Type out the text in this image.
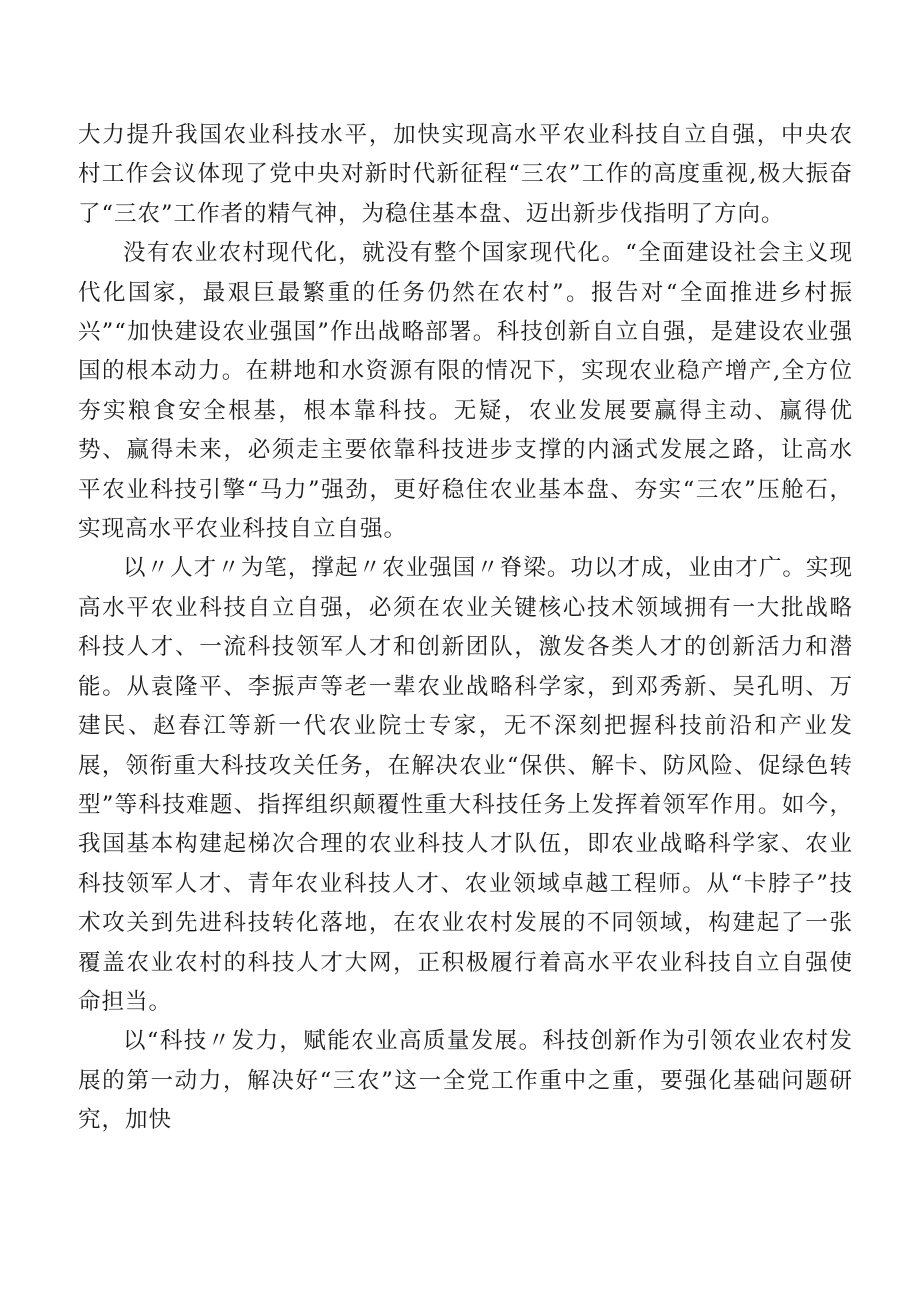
大力提升我国农业科技水平，加快实现高水平农业科技自立自强，中央农村工作会议体现了党中央对新时代新征程“三农”工作的高度重视,极大振奋了“三农”工作者的精气神，为稳住基本盘、迈出新步伐指明了方向。

没有农业农村现代化，就没有整个国家现代化。“全面建设社会主义现代化国家，最艰巨最繁重的任务仍然在农村”。报告对“全面推进乡村振兴”“加快建设农业强国”作出战略部署。科技创新自立自强，是建设农业强国的根本动力。在耕地和水资源有限的情况下，实现农业稳产增产,全方位夯实粮食安全根基，根本靠科技。无疑，农业发展要赢得主动、赢得优势、赢得未来，必须走主要依靠科技进步支撑的内涵式发展之路，让高水平农业科技引擎“马力”强劲，更好稳住农业基本盘、夯实“三农”压舱石，实现高水平农业科技自立自强。

以〃人才〃为笔，撑起〃农业强国〃脊梁。功以才成，业由才广。实现高水平农业科技自立自强，必须在农业关键核心技术领域拥有一大批战略科技人才、一流科技领军人才和创新团队，激发各类人才的创新活力和潜能。从袁隆平、李振声等老一辈农业战略科学家，到邓秀新、吴孔明、万建民、赵春江等新一代农业院士专家，无不深刻把握科技前沿和产业发展，领衔重大科技攻关任务，在解决农业“保供、解卡、防风险、促绿色转型”等科技难题、指挥组织颠覆性重大科技任务上发挥着领军作用。如今，我国基本构建起梯次合理的农业科技人才队伍，即农业战略科学家、农业科技领军人才、青年农业科技人才、农业领域卓越工程师。从“卡脖子”技术攻关到先进科技转化落地，在农业农村发展的不同领域，构建起了一张覆盖农业农村的科技人才大网，正积极履行着高水平农业科技自立自强使命担当。

以“科技〃发力，赋能农业高质量发展。科技创新作为引领农业农村发展的第一动力，解决好“三农”这一全党工作重中之重，要强化基础问题研究，加快
